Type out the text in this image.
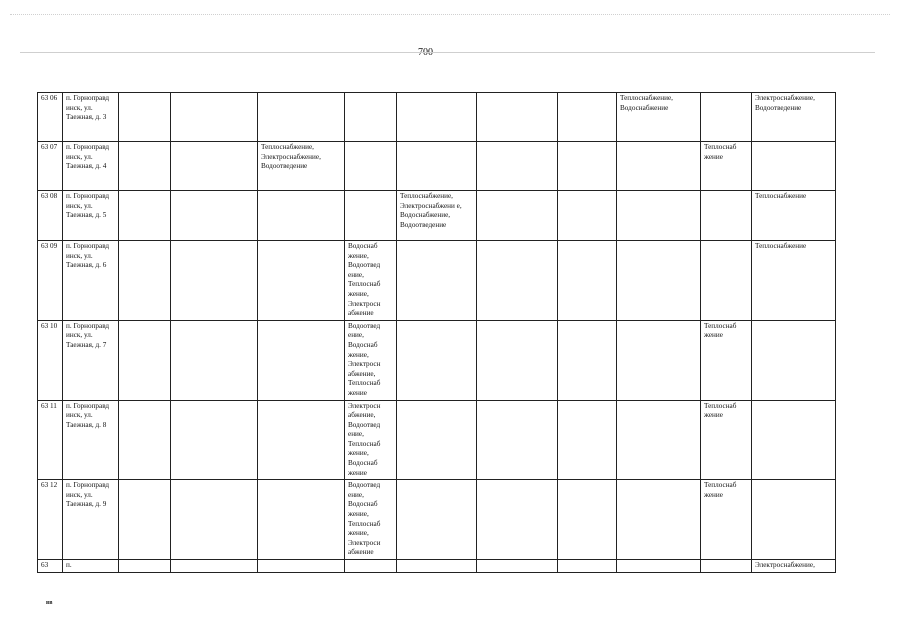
700
63 06	п. Горноправд инск, ул. Таежная, д. 3								Теплоснабжение, Водоснабжение		Электроснабжение, Водоотведение
63 07	п. Горноправд инск, ул. Таежная, д. 4			Теплоснабжение, Электроснабжение, Водоотведение						Теплоснаб жение	
63 08	п. Горноправд инск, ул. Таежная, д. 5					Теплоснабжение, Электроснабжени е, Водоснабжение, Водоотведение					Теплоснабжение
63 09	п. Горноправд инск, ул. Таежная, д. 6				Водоснаб жение, Водоотвед ение, Теплоснаб жение, Электросн абжение						Теплоснабжение
63 10	п. Горноправд инск, ул. Таежная, д. 7				Водоотвед ение, Водоснаб жение, Электросн абжение, Теплоснаб жение					Теплоснаб жение	
63 11	п. Горноправд инск, ул. Таежная, д. 8				Электросн абжение, Водоотвед ение, Теплоснаб жение, Водоснаб жение					Теплоснаб жение	
63 12	п. Горноправд инск, ул. Таежная, д. 9				Водоотвед ение, Водоснаб жение, Теплоснаб жение, Электроси абжение					Теплоснаб жение	
63	п.										Электроснабжение,
вв
